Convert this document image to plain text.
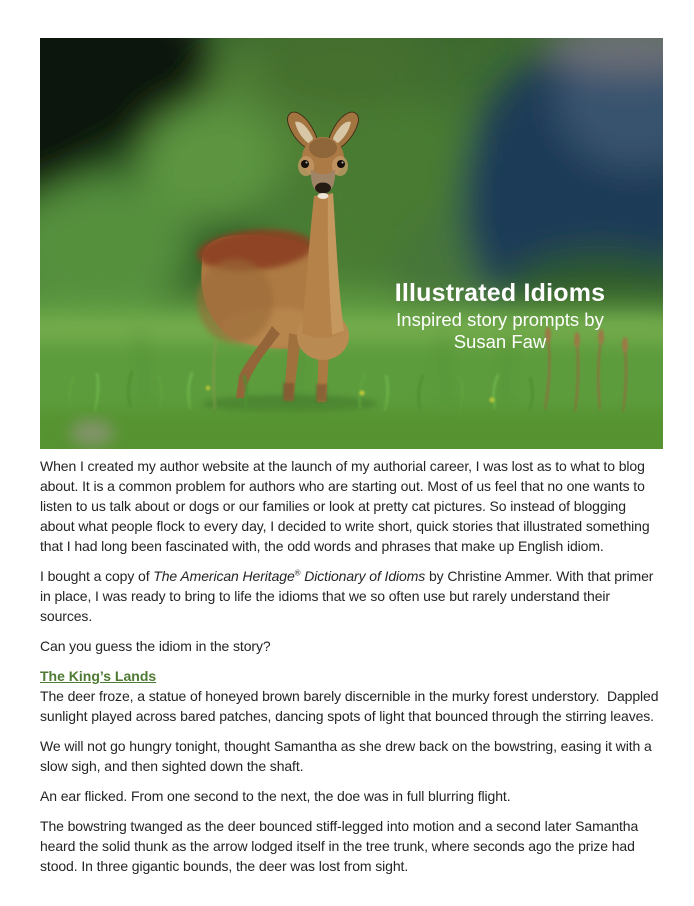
Illustrated Idioms
Inspired story prompts by
Susan Faw

When I created my author website at the launch of my authorial career, I was lost as to what to blog about. It is a common problem for authors who are starting out. Most of us feel that no one wants to listen to us talk about or dogs or our families or look at pretty cat pictures. So instead of blogging about what people flock to every day, I decided to write short, quick stories that illustrated something that I had long been fascinated with, the odd words and phrases that make up English idiom.

I bought a copy of The American Heritage® Dictionary of Idioms by Christine Ammer. With that primer in place, I was ready to bring to life the idioms that we so often use but rarely understand their sources.

Can you guess the idiom in the story?

The King’s Lands

The deer froze, a statue of honeyed brown barely discernible in the murky forest understory.  Dappled sunlight played across bared patches, dancing spots of light that bounced through the stirring leaves.

We will not go hungry tonight, thought Samantha as she drew back on the bowstring, easing it with a slow sigh, and then sighted down the shaft.

An ear flicked. From one second to the next, the doe was in full blurring flight.

The bowstring twanged as the deer bounced stiff-legged into motion and a second later Samantha heard the solid thunk as the arrow lodged itself in the tree trunk, where seconds ago the prize had stood. In three gigantic bounds, the deer was lost from sight.
